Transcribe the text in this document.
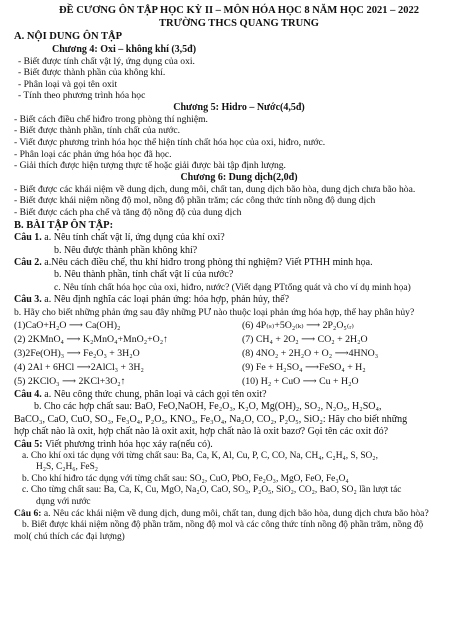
ĐỀ CƯƠNG ÔN TẬP HỌC KỲ II – MÔN HÓA HỌC 8 NĂM HỌC 2021 – 2022
TRƯỜNG THCS QUANG TRUNG
A. NỘI DUNG ÔN TẬP
Chương 4: Oxi – không khí (3,5đ)
- Biết được tính chất vật lý, ứng dụng của oxi.
- Biết được thành phần của không khí.
- Phân loại và gọi tên oxit
- Tính theo phương trình hóa học
Chương 5: Hidro – Nước(4,5đ)
- Biết cách điều chế hiđro trong phòng thí nghiệm.
- Biết được thành phần, tính chất của nước.
- Viết được phương trình hóa học thể hiện tính chất hóa học của oxi, hiđro, nước.
- Phân loại các phản ứng hóa học đã học.
- Giải thích được hiện tượng thực tế hoặc giải được bài tập định lượng.
Chương 6: Dung dịch(2,0đ)
- Biết được các khái niệm về dung dịch, dung môi, chất tan, dung dịch bão hòa, dung dịch chưa bão hòa.
- Biết được khái niệm nồng độ mol, nồng độ phần trăm; các công thức tính nồng độ dung dịch
- Biết được cách pha chế và tăng độ nồng độ của dung dịch
B. BÀI TẬP ÔN TẬP:
Câu 1. a. Nêu tính chất vật lí, ứng dụng của khí oxi?
b. Nêu được thành phần không khí?
Câu 2. a.Nêu cách điều chế, thu khí hiđro trong phòng thí nghiệm? Viết PTHH minh họa.
b. Nêu thành phần, tính chất vật lí của nước?
c. Nêu tính chất hóa học của oxi, hiđro, nước? (Viết dạng PTtổng quát và cho ví dụ minh họa)
Câu 3. a. Nêu định nghĩa các loại phản ứng: hóa hợp, phản hủy, thế?
b. Hãy cho biết những phản ứng sau đây những PƯ nào thuộc loại phản ứng hóa hợp, thế hay phân hủy?
(1)CaO+H₂O ⟶ Ca(OH)₂	(6) 4P₍ₛ₎+5O₂₍ₖ₎ ⟶ 2P₂O₅₍ᵣ₎
(2) 2KMnO₄ ⟶ K₂MnO₄+MnO₂+O₂↑	(7) CH₄ + 2O₂ ⟶ CO₂ + 2H₂O
(3)2Fe(OH)₃ ⟶ Fe₂O₃ + 3H₂O	(8) 4NO₂ + 2H₂O + O₂ ⟶4HNO₃
(4) 2Al + 6HCl ⟶2AlCl₃ + 3H₂	(9) Fe + H₂SO₄ ⟶FeSO₄ + H₂
(5) 2KClO₃ ⟶ 2KCl+3O₂↑	(10) H₂ + CuO ⟶ Cu + H₂O
Câu 4. a. Nêu công thức chung, phân loại và cách gọi tên oxit?
b. Cho các hợp chất sau: BaO, FeO,NaOH, Fe₂O₃, K₂O, Mg(OH)₂, SO₂, N₂O₅, H₂SO₄,
BaCO₃, CaO, CuO, SO₃, Fe₃O₄, P₂O₅, KNO₃, Fe₃O₄, Na₂O, CO₂, P₂O₅, SiO₂: Hãy cho biết những
hợp chất nào là oxit, hợp chất nào là oxit axit, hợp chất nào là oxit bazơ? Gọi tên các oxit đó?
Câu 5: Viết phương trình hóa học xảy ra(nếu có).
a. Cho khí oxi tác dụng với từng chất sau: Ba, Ca, K, Al, Cu, P, C, CO, Na, CH₄, C₂H₄, S, SO₂,
H₂S, C₂H₆, FeS₂
b. Cho khí hiđro tác dụng với từng chất sau: SO₂, CuO, PbO, Fe₂O₃, MgO, FeO, Fe₃O₄
c. Cho từng chất sau: Ba, Ca, K, Cu, MgO, Na₂O, CaO, SO₃, P₂O₅, SiO₂, CO₂, BaO, SO₂ lần lượt tác
dụng với nước
Câu 6: a. Nêu các khái niệm về dung dịch, dung môi, chất tan, dung dịch bão hòa, dung dịch chưa bão hòa?
b. Biết được khái niệm nồng độ phần trăm, nồng độ mol và các công thức tính nồng độ phần trăm, nồng độ
mol( chú thích các đại lượng)
